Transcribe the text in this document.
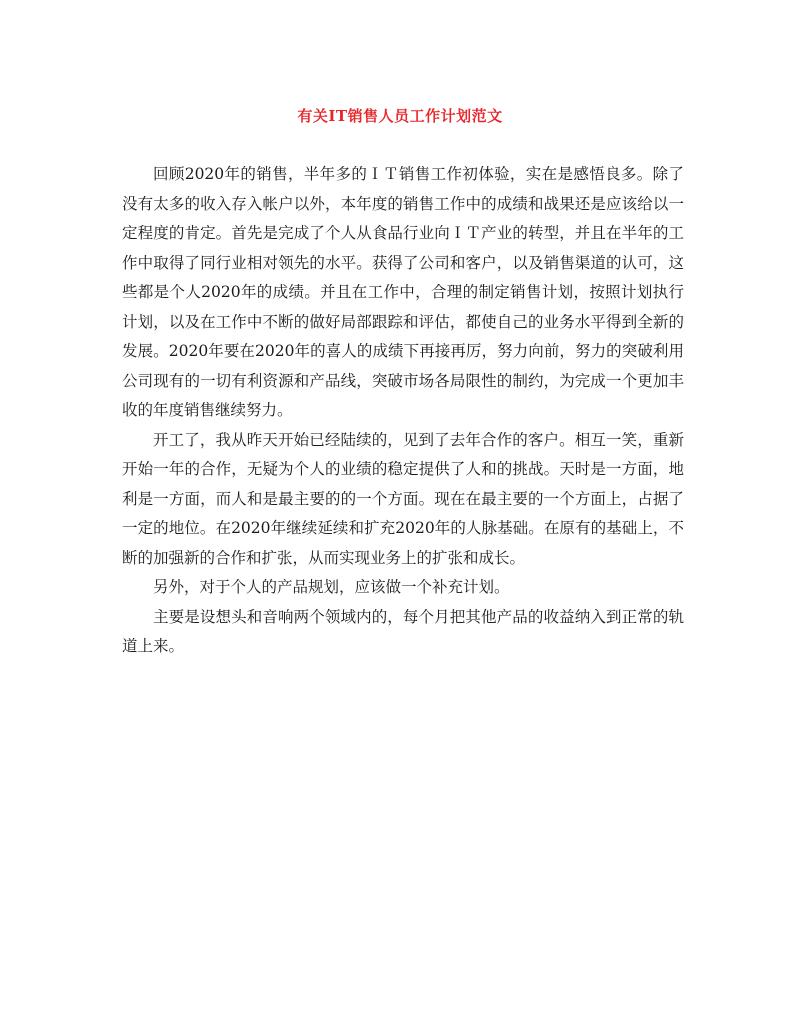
有关IT销售人员工作计划范文

回顾2020年的销售，半年多的ＩＴ销售工作初体验，实在是感悟良多。除了没有太多的收入存入帐户以外，本年度的销售工作中的成绩和战果还是应该给以一定程度的肯定。首先是完成了个人从食品行业向ＩＴ产业的转型，并且在半年的工作中取得了同行业相对领先的水平。获得了公司和客户，以及销售渠道的认可，这些都是个人2020年的成绩。并且在工作中，合理的制定销售计划，按照计划执行计划，以及在工作中不断的做好局部跟踪和评估，都使自己的业务水平得到全新的发展。2020年要在2020年的喜人的成绩下再接再厉，努力向前，努力的突破利用公司现有的一切有利资源和产品线，突破市场各局限性的制约，为完成一个更加丰收的年度销售继续努力。

开工了，我从昨天开始已经陆续的，见到了去年合作的客户。相互一笑，重新开始一年的合作，无疑为个人的业绩的稳定提供了人和的挑战。天时是一方面，地利是一方面，而人和是最主要的的一个方面。现在在最主要的一个方面上，占据了一定的地位。在2020年继续延续和扩充2020年的人脉基础。在原有的基础上，不断的加强新的合作和扩张，从而实现业务上的扩张和成长。

另外，对于个人的产品规划，应该做一个补充计划。

主要是设想头和音响两个领域内的，每个月把其他产品的收益纳入到正常的轨道上来。
